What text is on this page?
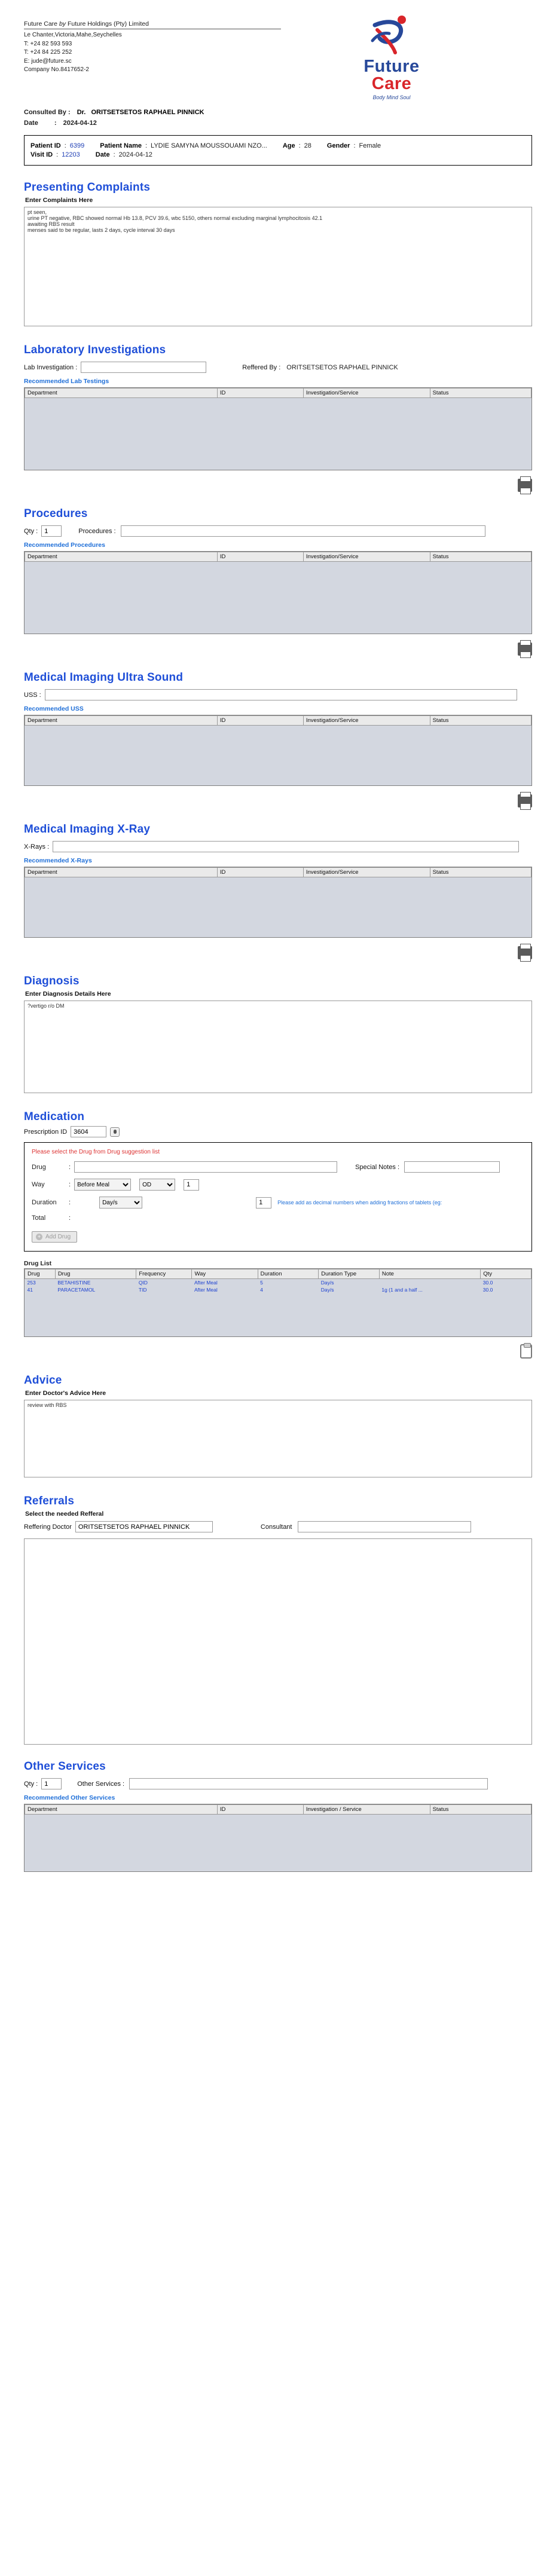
Future Care by Future Holdings (Pty) Limited
Le Chanter,Victoria,Mahe,Seychelles
T: +24 82 593 593
T: +24 84 225 252
E: jude@future.sc
Company No.8417652-2	Future
Care
Body Mind Soul
Consulted By : Dr. ORITSETSETOS RAPHAEL PINNICK
Date : 2024-04-12
Patient ID : 6399 Patient Name : LYDIE SAMYNA MOUSSOUAMI NZO... Age : 28 Gender : Female
Visit ID : 12203 Date : 2024-04-12
Presenting Complaints
Enter Complaints Here
pt seen, urine PT negative, RBC showed normal Hb 13.8, PCV 39.6, wbc 5150, others normal excluding marginal lymphocitosis 42.1 awaiting RBS result menses said to be regular, lasts 2 days, cycle interval 30 days
Laboratory Investigations
Lab Investigation :	Reffered By : ORITSETSETOS RAPHAEL PINNICK
Recommended Lab Testings
Department	ID	Investigation/Service	Status
Procedures
Qty :
1	Procedures :
Recommended Procedures
Department	ID	Investigation/Service	Status
Medical Imaging Ultra Sound
USS :
Recommended USS
Department	ID	Investigation/Service	Status
Medical Imaging X-Ray
X-Rays :
Recommended X-Rays
Department	ID	Investigation/Service	Status
Diagnosis
Enter Diagnosis Details Here
?vertigo r/o DM
Medication
Prescription ID
3604
Please select the Drug from Drug suggestion list
Drug	:	Special Notes :
Way	:
Before Meal
OD
1
Duration	:
Day/s
1	Please add as decimal numbers when adding fractions of tablets (eg:
Total	:
+ Add Drug
Drug List
Drug	Drug	Frequency	Way	Duration	Duration Type	Note	Qty
253	BETAHISTINE	QID	After Meal	5	Day/s		30.0
41	PARACETAMOL	TID	After Meal	4	Day/s	1g (1 and a half ...	30.0
Advice
Enter Doctor's Advice Here
review with RBS
Referrals
Select the needed Refferal
Reffering Doctor
ORITSETSETOS RAPHAEL PINNICK	Consultant
Other Services
Qty :
1	Other Services :
Recommended Other Services
Department	ID	Investigation / Service	Status
